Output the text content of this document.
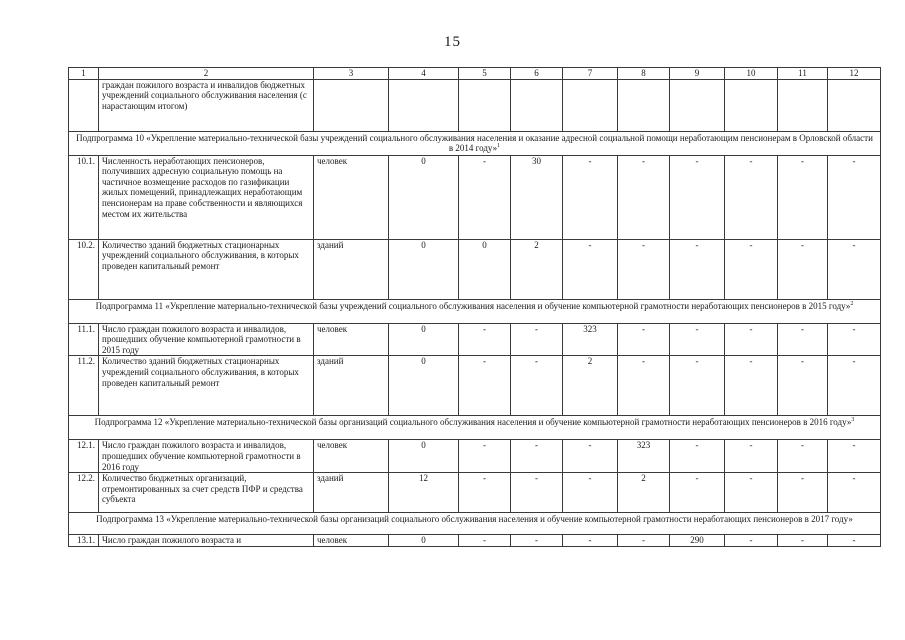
15
1	2	3	4	5	6	7	8	9	10	11	12
	граждан пожилого возраста и инвалидов бюджетных учреждений социального обслуживания населения (с нарастающим итогом)										
Подпрограмма 10 «Укрепление материально-технической базы учреждений социального обслуживания населения и оказание адресной социальной помощи неработающим пенсионерам в Орловской области в 2014 году»$^1$
10.1.	Численность неработающих пенсионеров, получивших адресную социальную помощь на частичное возмещение расходов по газификации жилых помещений, принадлежащих неработающим пенсионерам на праве собственности и являющихся местом их жительства	человек	0	-	30	-	-	-	-	-	-
10.2.	Количество зданий бюджетных стационарных учреждений социального обслуживания, в которых проведен капитальный ремонт	зданий	0	0	2	-	-	-	-	-	-
Подпрограмма 11 «Укрепление материально-технической базы учреждений социального обслуживания населения и обучение компьютерной грамотности неработающих пенсионеров в 2015 году»$^2$
11.1.	Число граждан пожилого возраста и инвалидов, прошедших обучение компьютерной грамотности в 2015 году	человек	0	-	-	323	-	-	-	-	-
11.2.	Количество зданий бюджетных стационарных учреждений социального обслуживания, в которых проведен капитальный ремонт	зданий	0	-	-	2	-	-	-	-	-
Подпрограмма 12 «Укрепление материально-технической базы организаций социального обслуживания населения и обучение компьютерной грамотности неработающих пенсионеров в 2016 году»$^3$
12.1.	Число граждан пожилого возраста и инвалидов, прошедших обучение компьютерной грамотности в 2016 году	человек	0	-	-	-	323	-	-	-	-
12.2.	Количество бюджетных организаций, отремонтированных за счет средств ПФР и средства субъекта	зданий	12	-	-	-	2	-	-	-	-
Подпрограмма 13 «Укрепление материально-технической базы организаций социального обслуживания населения и обучение компьютерной грамотности неработающих пенсионеров в 2017 году»											
13.1.	Число граждан пожилого возраста и	человек	0	-	-	-	-	290	-	-	-
